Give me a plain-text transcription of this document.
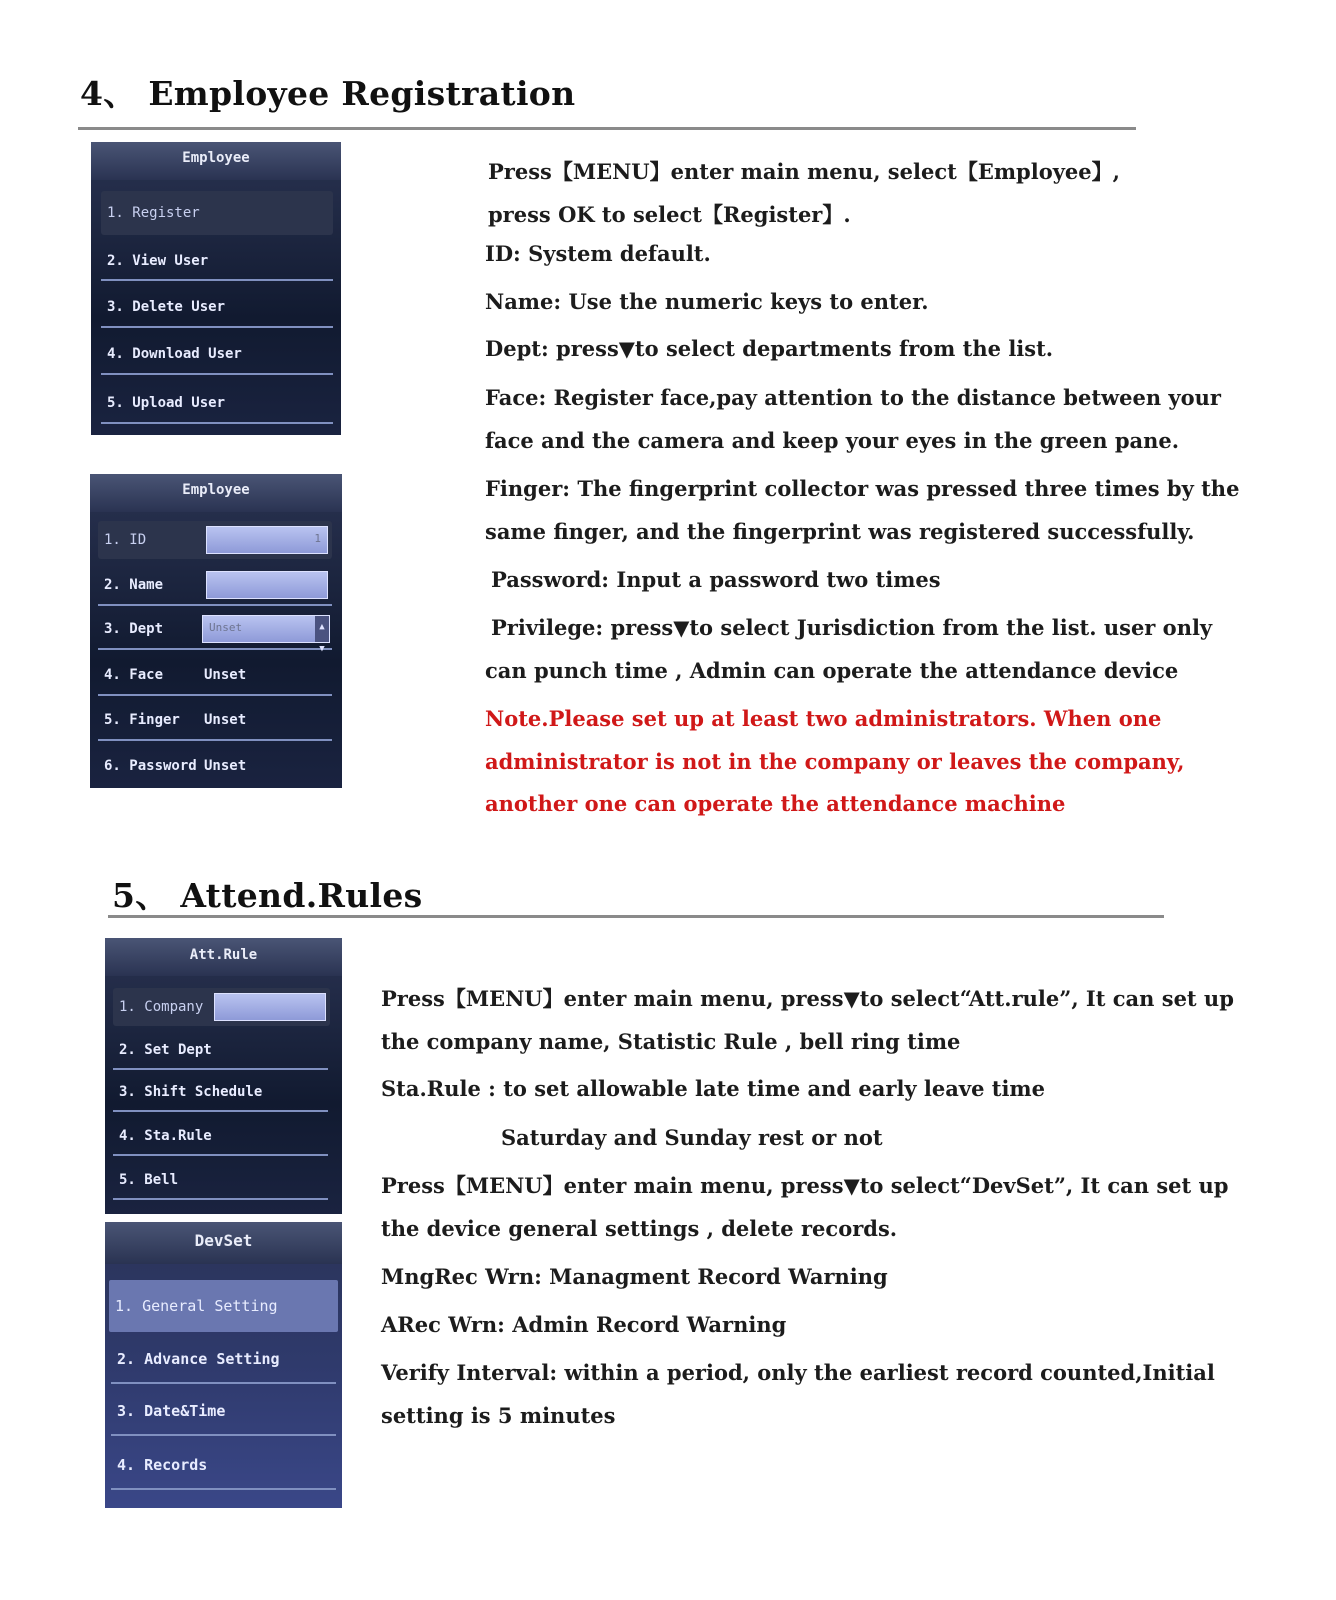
4、 Employee Registration
Employee
1. Register
2. View User
3. Delete User
4. Download User
5. Upload User
Employee
1. ID	1
2. Name
3. Dept	Unset	▲
▼
4. Face	Unset
5. Finger Unset
6. Password Unset

Press【MENU】enter main menu, select【Employee】,

press OK to select【Register】.

ID: System default.

Name: Use the numeric keys to enter.

Dept: press▼to select departments from the list.

Face: Register face,pay attention to the distance between your

face and the camera and keep your eyes in the green pane.

Finger: The fingerprint collector was pressed three times by the

same finger, and the fingerprint was registered successfully.

Password: Input a password two times

Privilege: press▼to select Jurisdiction from the list. user only

can punch time , Admin can operate the attendance device

Note.Please set up at least two administrators. When one

administrator is not in the company or leaves the company,

another one can operate the attendance machine

5、 Attend.Rules
Att.Rule
1. Company
2. Set Dept
3. Shift Schedule
4. Sta.Rule
5. Bell
DevSet
1. General Setting
2. Advance Setting
3. Date&Time
4. Records

Press【MENU】enter main menu, press▼to select“Att.rule”, It can set up

the company name, Statistic Rule , bell ring time

Sta.Rule : to set allowable late time and early leave time

Saturday and Sunday rest or not

Press【MENU】enter main menu, press▼to select“DevSet”, It can set up

the device general settings , delete records.

MngRec Wrn: Managment Record Warning

ARec Wrn: Admin Record Warning

Verify Interval: within a period, only the earliest record counted,Initial

setting is 5 minutes
